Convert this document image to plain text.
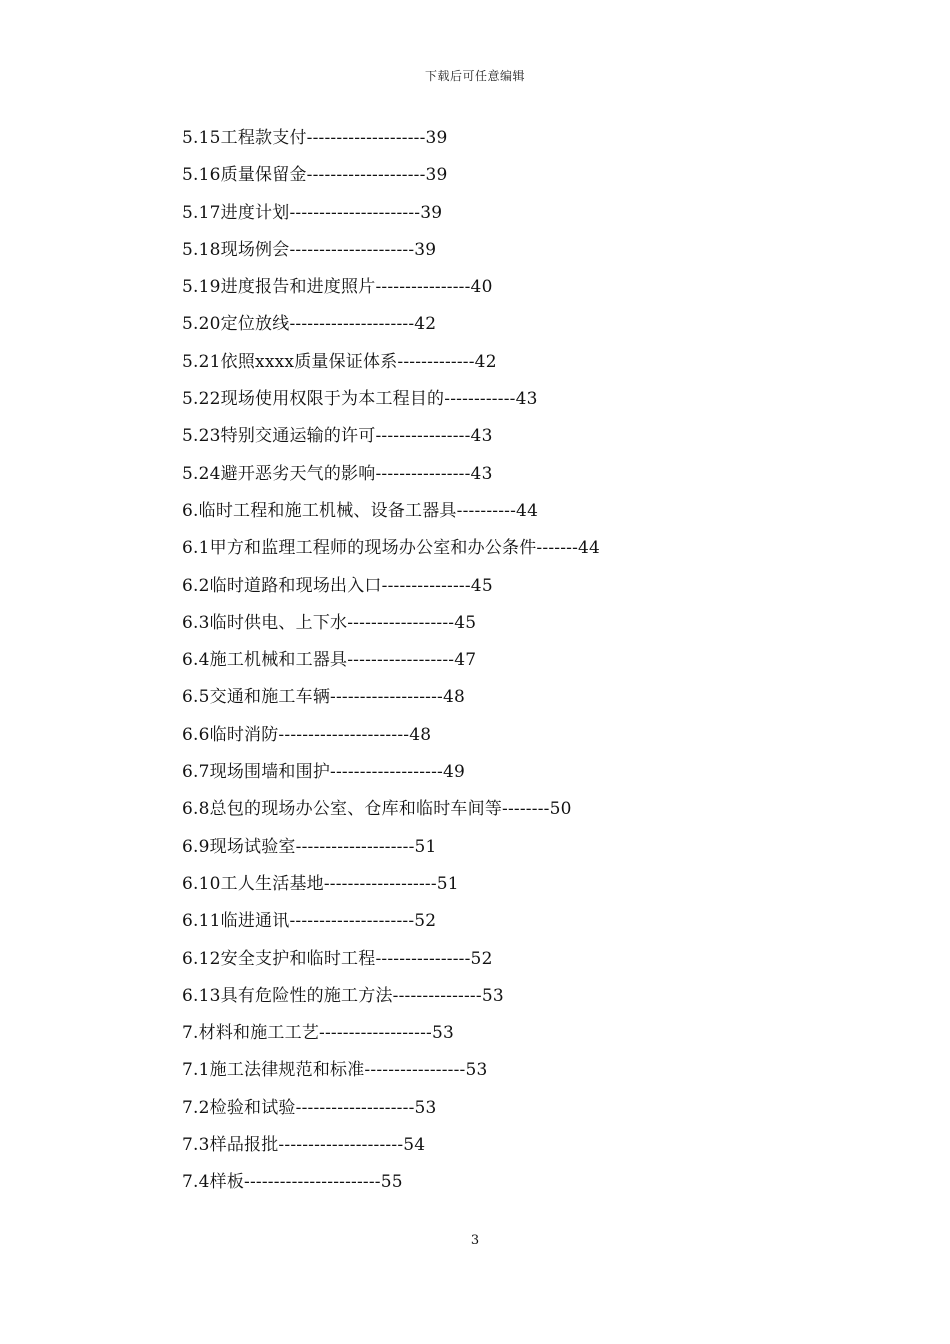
下载后可任意编辑
5.15工程款支付--------------------39
5.16质量保留金--------------------39
5.17进度计划----------------------39
5.18现场例会---------------------39
5.19进度报告和进度照片----------------40
5.20定位放线---------------------42
5.21依照xxxx质量保证体系-------------42
5.22现场使用权限于为本工程目的------------43
5.23特别交通运输的许可----------------43
5.24避开恶劣天气的影响----------------43
6.临时工程和施工机械、设备工器具----------44
6.1甲方和监理工程师的现场办公室和办公条件-------44
6.2临时道路和现场出入口---------------45
6.3临时供电、上下水------------------45
6.4施工机械和工器具------------------47
6.5交通和施工车辆-------------------48
6.6临时消防----------------------48
6.7现场围墙和围护-------------------49
6.8总包的现场办公室、仓库和临时车间等--------50
6.9现场试验室--------------------51
6.10工人生活基地-------------------51
6.11临进通讯---------------------52
6.12安全支护和临时工程----------------52
6.13具有危险性的施工方法---------------53
7.材料和施工工艺-------------------53
7.1施工法律规范和标准-----------------53
7.2检验和试验--------------------53
7.3样品报批---------------------54
7.4样板-----------------------55
3
